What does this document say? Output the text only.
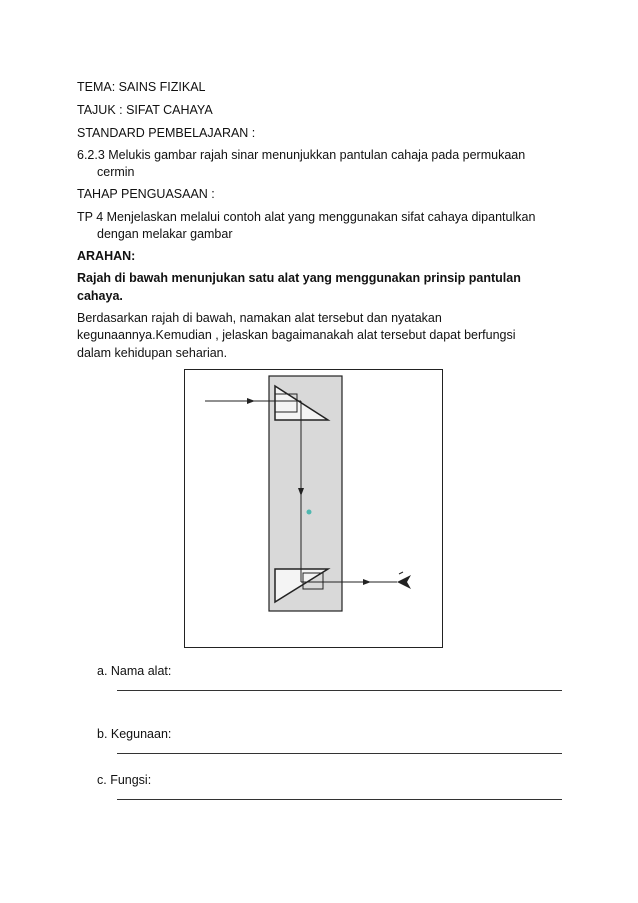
TEMA: SAINS FIZIKAL
TAJUK : SIFAT CAHAYA
STANDARD PEMBELAJARAN :
6.2.3 Melukis gambar rajah sinar menunjukkan pantulan cahaja pada permukaan
cermin
TAHAP PENGUASAAN :
TP 4 Menjelaskan melalui contoh alat yang menggunakan sifat cahaya dipantulkan
dengan melakar gambar
ARAHAN:
Rajah di bawah menunjukan satu alat yang menggunakan prinsip pantulan
cahaya.
Berdasarkan rajah di bawah, namakan alat tersebut dan nyatakan
kegunaannya.Kemudian , jelaskan bagaimanakah alat tersebut dapat berfungsi
dalam kehidupan seharian.
a. Nama alat:
b. Kegunaan:
c. Fungsi:
